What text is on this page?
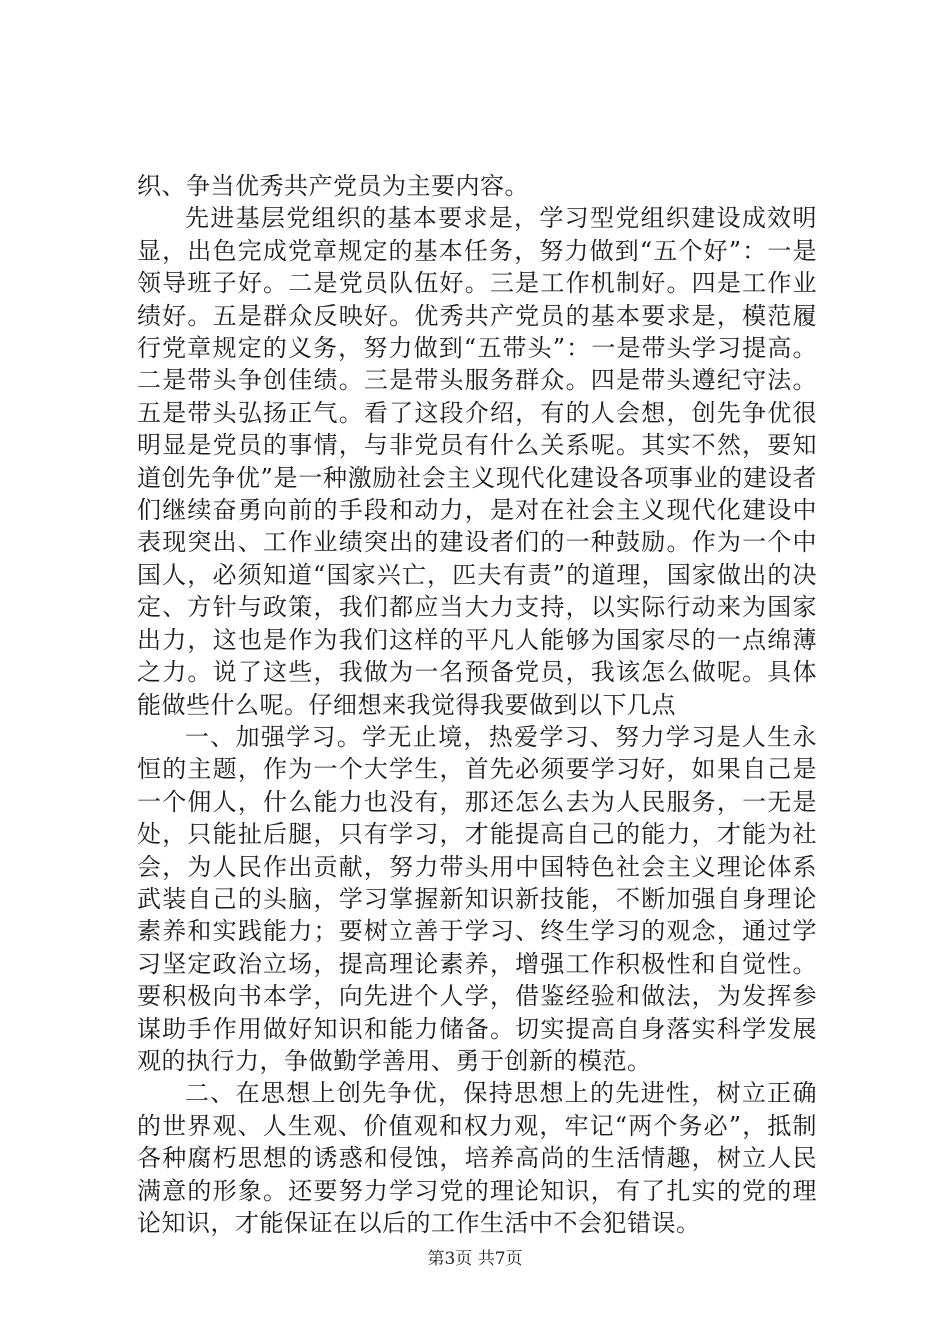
织、争当优秀共产党员为主要内容。

先进基层党组织的基本要求是，学习型党组织建设成效明显，出色完成党章规定的基本任务，努力做到“五个好”：一是领导班子好。二是党员队伍好。三是工作机制好。四是工作业绩好。五是群众反映好。优秀共产党员的基本要求是，模范履行党章规定的义务，努力做到“五带头”：一是带头学习提高。二是带头争创佳绩。三是带头服务群众。四是带头遵纪守法。五是带头弘扬正气。看了这段介绍，有的人会想，创先争优很明显是党员的事情，与非党员有什么关系呢。其实不然，要知道创先争优”是一种激励社会主义现代化建设各项事业的建设者们继续奋勇向前的手段和动力，是对在社会主义现代化建设中表现突出、工作业绩突出的建设者们的一种鼓励。作为一个中国人，必须知道“国家兴亡，匹夫有责”的道理，国家做出的决定、方针与政策，我们都应当大力支持，以实际行动来为国家出力，这也是作为我们这样的平凡人能够为国家尽的一点绵薄之力。说了这些，我做为一名预备党员，我该怎么做呢。具体能做些什么呢。仔细想来我觉得我要做到以下几点

一、加强学习。学无止境，热爱学习、努力学习是人生永恒的主题，作为一个大学生，首先必须要学习好，如果自己是一个佣人，什么能力也没有，那还怎么去为人民服务，一无是处，只能扯后腿，只有学习，才能提高自己的能力，才能为社会，为人民作出贡献，努力带头用中国特色社会主义理论体系武装自己的头脑，学习掌握新知识新技能，不断加强自身理论素养和实践能力；要树立善于学习、终生学习的观念，通过学习坚定政治立场，提高理论素养，增强工作积极性和自觉性。要积极向书本学，向先进个人学，借鉴经验和做法，为发挥参谋助手作用做好知识和能力储备。切实提高自身落实科学发展观的执行力，争做勤学善用、勇于创新的模范。

二、在思想上创先争优，保持思想上的先进性，树立正确的世界观、人生观、价值观和权力观，牢记“两个务必”，抵制各种腐朽思想的诱惑和侵蚀，培养高尚的生活情趣，树立人民满意的形象。还要努力学习党的理论知识，有了扎实的党的理论知识，才能保证在以后的工作生活中不会犯错误。

第3页 共7页
